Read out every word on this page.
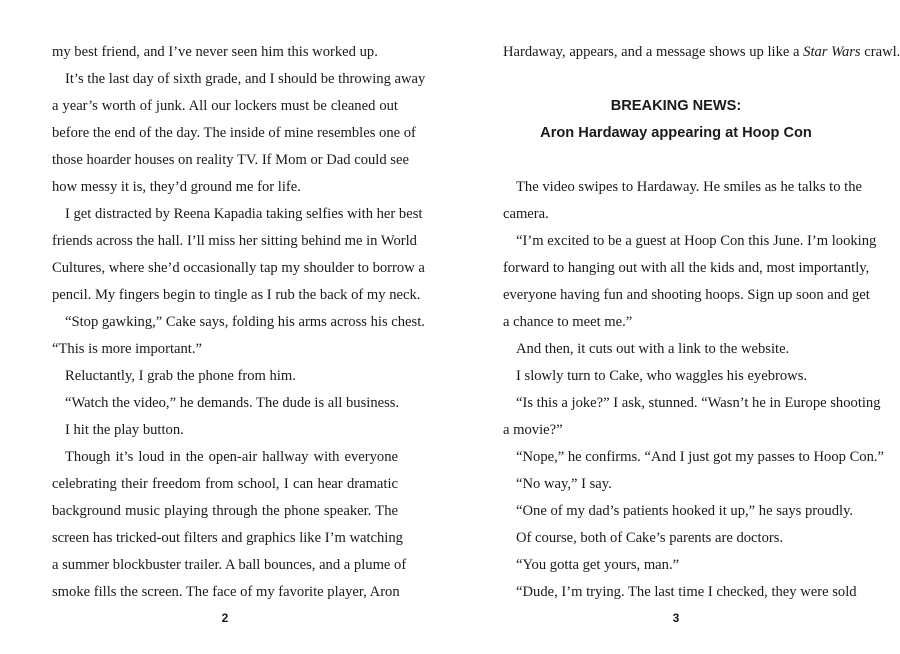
my best friend, and I’ve never seen him this worked up.
It’s the last day of sixth grade, and I should be throwing away
a year’s worth of junk. All our lockers must be cleaned out
before the end of the day. The inside of mine resembles one of
those hoarder houses on reality TV. If Mom or Dad could see
how messy it is, they’d ground me for life.
I get distracted by Reena Kapadia taking selfies with her best
friends across the hall. I’ll miss her sitting behind me in World
Cultures, where she’d occasionally tap my shoulder to borrow a
pencil. My fingers begin to tingle as I rub the back of my neck.
“Stop gawking,” Cake says, folding his arms across his chest.
“This is more important.”
Reluctantly, I grab the phone from him.
“Watch the video,” he demands. The dude is all business.
I hit the play button.
Though it’s loud in the open-air hallway with everyone
celebrating their freedom from school, I can hear dramatic
background music playing through the phone speaker. The
screen has tricked-out filters and graphics like I’m watching
a summer blockbuster trailer. A ball bounces, and a plume of
smoke fills the screen. The face of my favorite player, Aron
2
Hardaway, appears, and a message shows up like a Star Wars crawl.
BREAKING NEWS:
Aron Hardaway appearing at Hoop Con
The video swipes to Hardaway. He smiles as he talks to the
camera.
“I’m excited to be a guest at Hoop Con this June. I’m looking
forward to hanging out with all the kids and, most importantly,
everyone having fun and shooting hoops. Sign up soon and get
a chance to meet me.”
And then, it cuts out with a link to the website.
I slowly turn to Cake, who waggles his eyebrows.
“Is this a joke?” I ask, stunned. “Wasn’t he in Europe shooting
a movie?”
“Nope,” he confirms. “And I just got my passes to Hoop Con.”
“No way,” I say.
“One of my dad’s patients hooked it up,” he says proudly.
Of course, both of Cake’s parents are doctors.
“You gotta get yours, man.”
“Dude, I’m trying. The last time I checked, they were sold
3
